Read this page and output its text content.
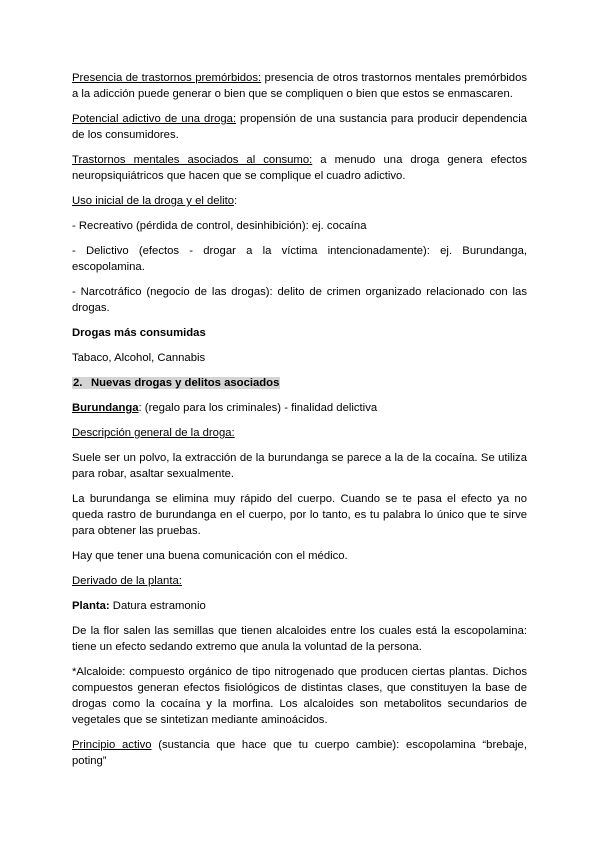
Presencia de trastornos premórbidos: presencia de otros trastornos mentales premórbidos a la adicción puede generar o bien que se compliquen o bien que estos se enmascaren.

Potencial adictivo de una droga: propensión de una sustancia para producir dependencia de los consumidores.

Trastornos mentales asociados al consumo: a menudo una droga genera efectos neuropsiquiátricos que hacen que se complique el cuadro adictivo.

Uso inicial de la droga y el delito:

- Recreativo (pérdida de control, desinhibición): ej. cocaína

- Delictivo (efectos - drogar a la víctima intencionadamente): ej. Burundanga, escopolamina.

- Narcotráfico (negocio de las drogas): delito de crimen organizado relacionado con las drogas.

Drogas más consumidas

Tabaco, Alcohol, Cannabis

2. Nuevas drogas y delitos asociados

Burundanga: (regalo para los criminales) - finalidad delictiva

Descripción general de la droga:

Suele ser un polvo, la extracción de la burundanga se parece a la de la cocaína. Se utiliza para robar, asaltar sexualmente.

La burundanga se elimina muy rápido del cuerpo. Cuando se te pasa el efecto ya no queda rastro de burundanga en el cuerpo, por lo tanto, es tu palabra lo único que te sirve para obtener las pruebas.

Hay que tener una buena comunicación con el médico.

Derivado de la planta:

Planta: Datura estramonio

De la flor salen las semillas que tienen alcaloides entre los cuales está la escopolamina: tiene un efecto sedando extremo que anula la voluntad de la persona.

*Alcaloide: compuesto orgánico de tipo nitrogenado que producen ciertas plantas. Dichos compuestos generan efectos fisiológicos de distintas clases, que constituyen la base de drogas como la cocaína y la morfina. Los alcaloides son metabolitos secundarios de vegetales que se sintetizan mediante aminoácidos.

Principio activo (sustancia que hace que tu cuerpo cambie): escopolamina “brebaje, poting”
